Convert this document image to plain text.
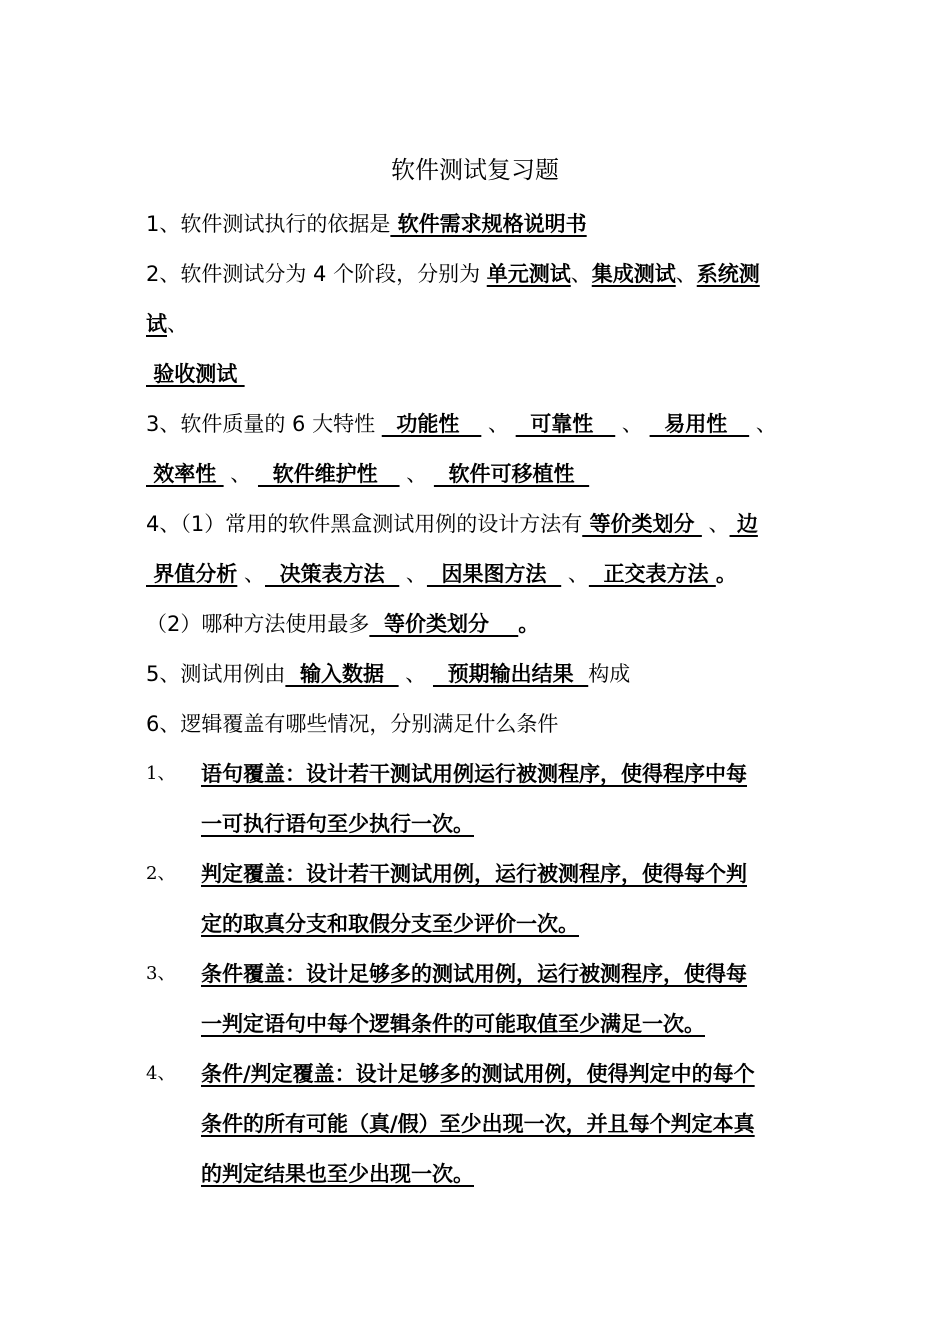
软件测试复习题
1、软件测试执行的依据是 软件需求规格说明书
2、软件测试分为 4 个阶段，分别为 单元测试、集成测试、系统测
试、
验收测试
3、软件质量的 6 大特性   功能性    、   可靠性    、   易用性    、
效率性  、   软件维护性    、   软件可移植性
4、（1）常用的软件黑盒测试用例的设计方法有 等价类划分  、 边
界值分析 、  决策表方法   、  因果图方法   、  正交表方法 。
（2）哪种方法使用最多  等价类划分    。
5、测试用例由  输入数据   、   预期输出结果  构成
6、逻辑覆盖有哪些情况，分别满足什么条件
1、 语句覆盖：设计若干测试用例运行被测程序，使得程序中每
一可执行语句至少执行一次。
2、 判定覆盖：设计若干测试用例，运行被测程序，使得每个判
定的取真分支和取假分支至少评价一次。
3、 条件覆盖：设计足够多的测试用例，运行被测程序，使得每
一判定语句中每个逻辑条件的可能取值至少满足一次。
4、 条件/判定覆盖：设计足够多的测试用例，使得判定中的每个
条件的所有可能（真/假）至少出现一次，并且每个判定本真
的判定结果也至少出现一次。
